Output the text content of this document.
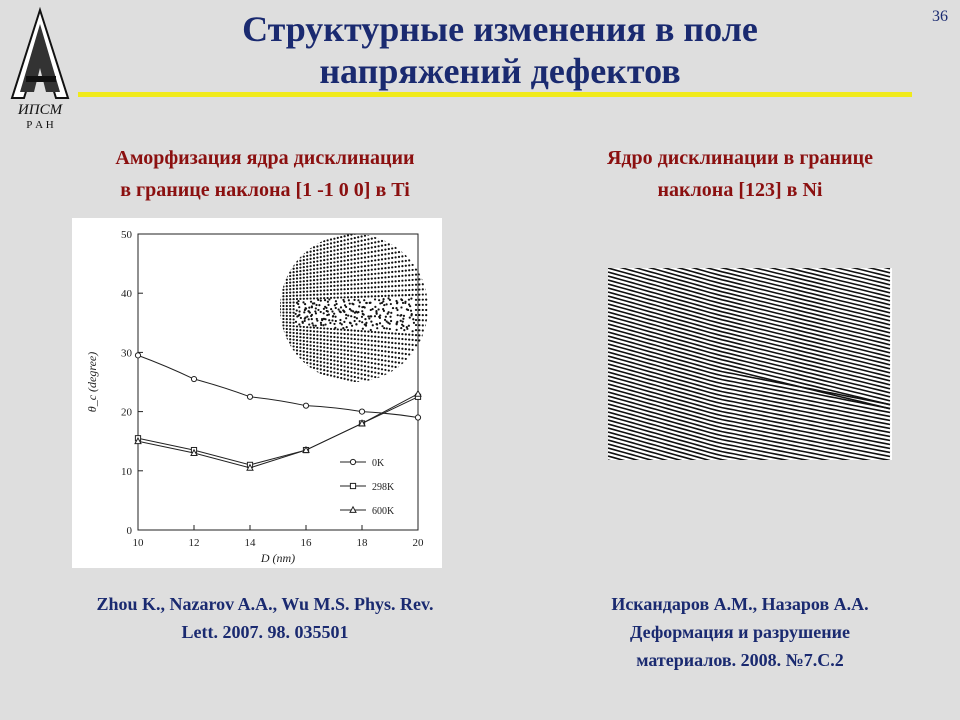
ИПСМ
Р А Н
36
Структурные изменения в поле
напряжений дефектов
Аморфизация ядра дисклинации
в границе наклона [1 -1 0 0] в Ti
Ядро дисклинации в границе
наклона [123] в Ni
10	12	14	16	18	20
0
10
20
30
40
50
D (nm)
θ_c (degree)
0K
298K
600K
Zhou K., Nazarov A.A., Wu M.S. Phys. Rev.
Lett. 2007. 98. 035501
Искандаров А.М., Назаров А.А.
Деформация и разрушение
материалов. 2008. №7.С.2
